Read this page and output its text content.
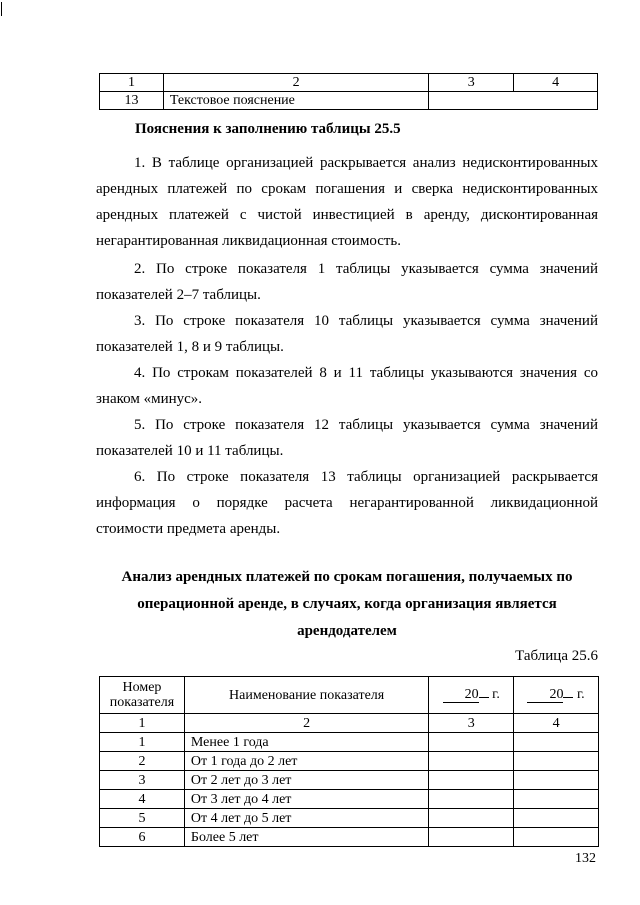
1	2	3	4
13	Текстовое пояснение		
Пояснения к заполнению таблицы 25.5

1. В таблице организацией раскрывается анализ недисконтированных арендных платежей по срокам погашения и сверка недисконтированных арендных платежей с чистой инвестицией в аренду, дисконтированная негарантированная ликвидационная стоимость.

2. По строке показателя 1 таблицы указывается сумма значений показателей 2–7 таблицы.

3. По строке показателя 10 таблицы указывается сумма значений показателей 1, 8 и 9 таблицы.

4. По строкам показателей 8 и 11 таблицы указываются значения со знаком «минус».

5. По строке показателя 12 таблицы указывается сумма значений показателей 10 и 11 таблицы.

6. По строке показателя 13 таблицы организацией раскрывается информация о порядке расчета негарантированной ликвидационной стоимости предмета аренды.

Анализ арендных платежей по срокам погашения, получаемых по
операционной аренде, в случаях, когда организация является
арендодателем
Таблица 25.6
Номер показателя	Наименование показателя	20 г.	20 г.
1	2	3	4
1	Менее 1 года		
2	От 1 года до 2 лет		
3	От 2 лет до 3 лет		
4	От 3 лет до 4 лет		
5	От 4 лет до 5 лет		
6	Более 5 лет		
132
